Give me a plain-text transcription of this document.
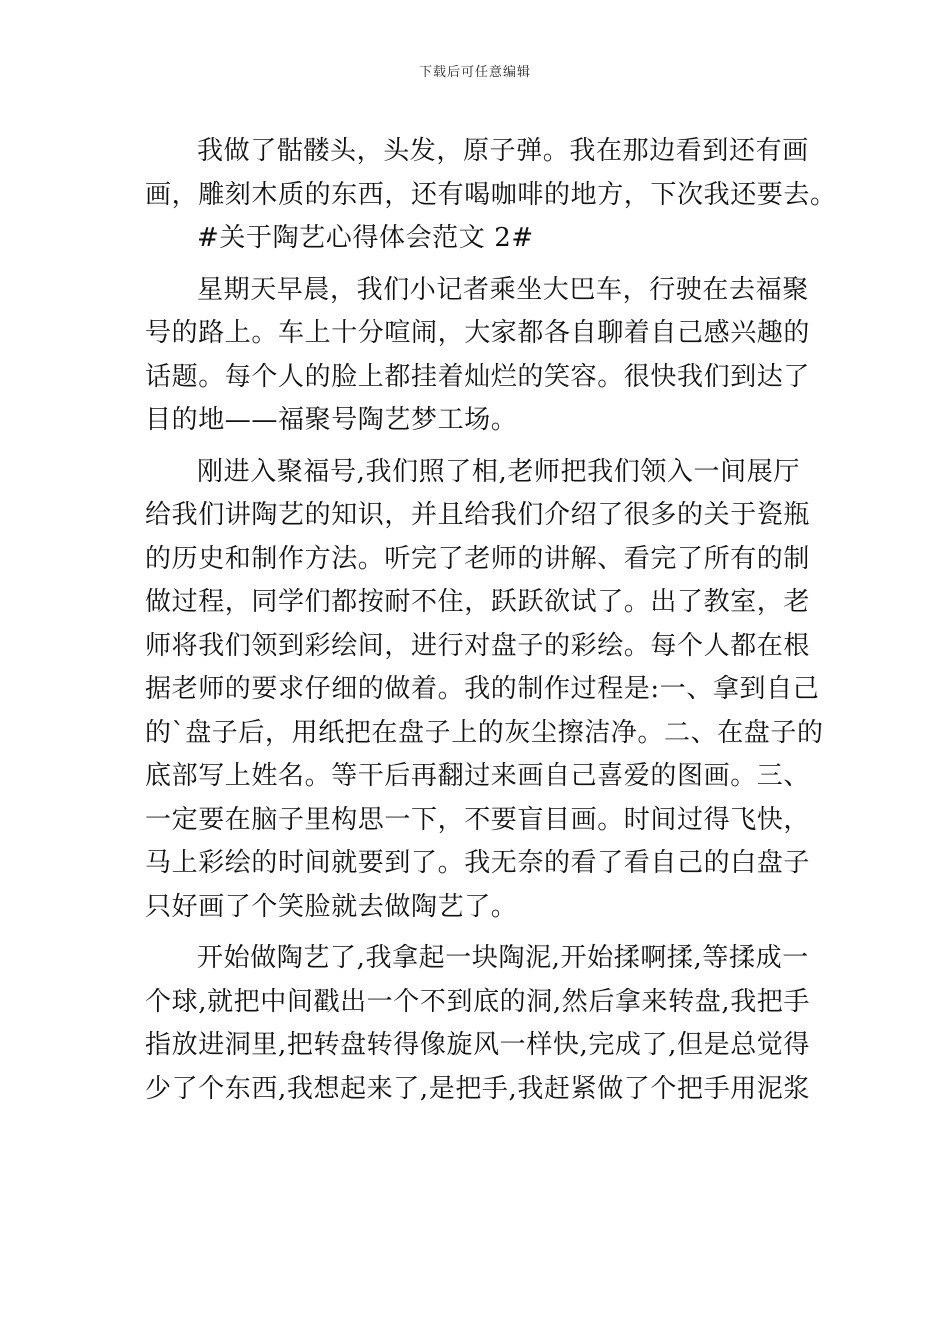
下载后可任意编辑

我做了骷髅头，头发，原子弹。我在那边看到还有画
画，雕刻木质的东西，还有喝咖啡的地方，下次我还要去。

#关于陶艺心得体会范文 2#

星期天早晨，我们小记者乘坐大巴车，行驶在去福聚
号的路上。车上十分喧闹，大家都各自聊着自己感兴趣的
话题。每个人的脸上都挂着灿烂的笑容。很快我们到达了
目的地——福聚号陶艺梦工场。

刚进入聚福号,我们照了相,老师把我们领入一间展厅
给我们讲陶艺的知识，并且给我们介绍了很多的关于瓷瓶
的历史和制作方法。听完了老师的讲解、看完了所有的制
做过程，同学们都按耐不住，跃跃欲试了。出了教室，老
师将我们领到彩绘间，进行对盘子的彩绘。每个人都在根
据老师的要求仔细的做着。我的制作过程是:一、拿到自己
的`盘子后，用纸把在盘子上的灰尘擦洁净。二、在盘子的
底部写上姓名。等干后再翻过来画自己喜爱的图画。三、
一定要在脑子里构思一下，不要盲目画。时间过得飞快，
马上彩绘的时间就要到了。我无奈的看了看自己的白盘子
只好画了个笑脸就去做陶艺了。

开始做陶艺了,我拿起一块陶泥,开始揉啊揉,等揉成一
个球,就把中间戳出一个不到底的洞,然后拿来转盘,我把手
指放进洞里,把转盘转得像旋风一样快,完成了,但是总觉得
少了个东西,我想起来了,是把手,我赶紧做了个把手用泥浆
